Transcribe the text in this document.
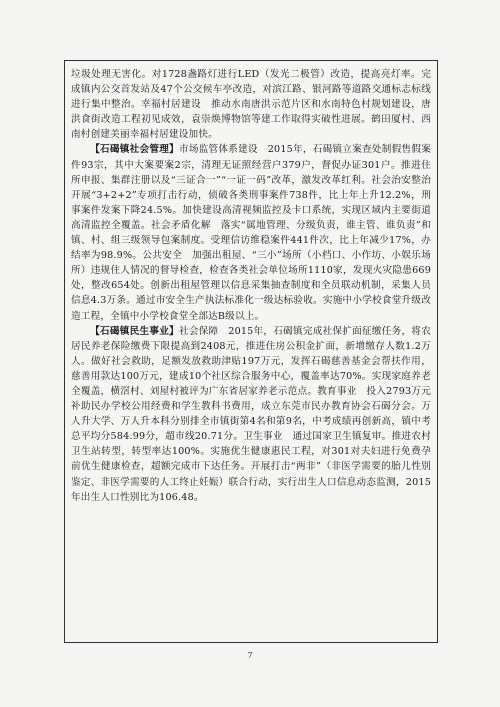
垃圾处理无害化。对1728盏路灯进行LED（发光二极管）改造，提高亮灯率。完成镇内公交首发站及47个公交候车亭改造，对滨江路、银河路等道路交通标志标线进行集中整治。幸福村居建设　推动水南唐洪示范片区和水南特色村规划建设，唐洪食街改造工程初见成效，袁崇焕博物馆等建工作取得实破性进展。鹤田厦村、西南村创建美丽幸福村居建设加快。

【石碣镇社会管理】市场监管体系建设　2015年，石碣镇立案查处制假售假案件93宗，其中大案要案2宗，清理无证照经营户379户，督促办证301户。推进住所申报、集群注册以及“三证合一”“一证一码”改革，激发改革红利。社会治安整治　开展“3+2+2”专项打击行动，侦破各类刑事案件738件，比上年上升12.2%，刑事案件发案下降24.5%。加快建设高清视频监控及卡口系统，实现区域内主要街道高清监控全覆盖。社会矛盾化解　落实“属地管理、分级负责，谁主管、谁负责”和镇、村、组三级领导包案制度。受理信访维稳案件441件次，比上年减少17%，办结率为98.9%。公共安全　加强出租屋、“三小”场所（小档口、小作坊、小娱乐场所）违规住人情况的督导检查，检查各类社会单位场所1110家，发现火灾隐患669处，整改654处。创新出租屋管理以信息采集抽查制度和全员联动机制，采集人员信息4.3万条。通过市安全生产执法标准化一级达标验收。实施中小学校食堂升级改造工程，全镇中小学校食堂全部达B级以上。

【石碣镇民生事业】社会保障　2015年，石碣镇完成社保扩面征缴任务，将农居民养老保险缴费下限提高到2408元，推进住房公积金扩面，新增缴存人数1.2万人。做好社会救助，足额发放救助津贴197万元，发挥石碣慈善基金会帮扶作用，慈善用款达100万元，建成10个社区综合服务中心，覆盖率达70%。实现家庭养老全覆盖，横滘村、刘屋村被评为广东省居家养老示范点。教育事业　投入2793万元补助民办学校公用经费和学生教科书费用，成立东莞市民办教育协会石碣分会。万人升大学、万人升本科分别排全市镇街第4名和第9名，中考成绩再创新高，镇中考总平均分584.99分，超市线20.71分。卫生事业　通过国家卫生镇复审。推进农村卫生站转型，转型率达100%。实施优生健康惠民工程，对301对夫妇进行免费孕前优生健康检查，超额完成市下达任务。开展打击“两非”（非医学需要的胎儿性别鉴定、非医学需要的人工终止妊娠）联合行动，实行出生人口信息动态监测，2015年出生人口性别比为106.48。

7
